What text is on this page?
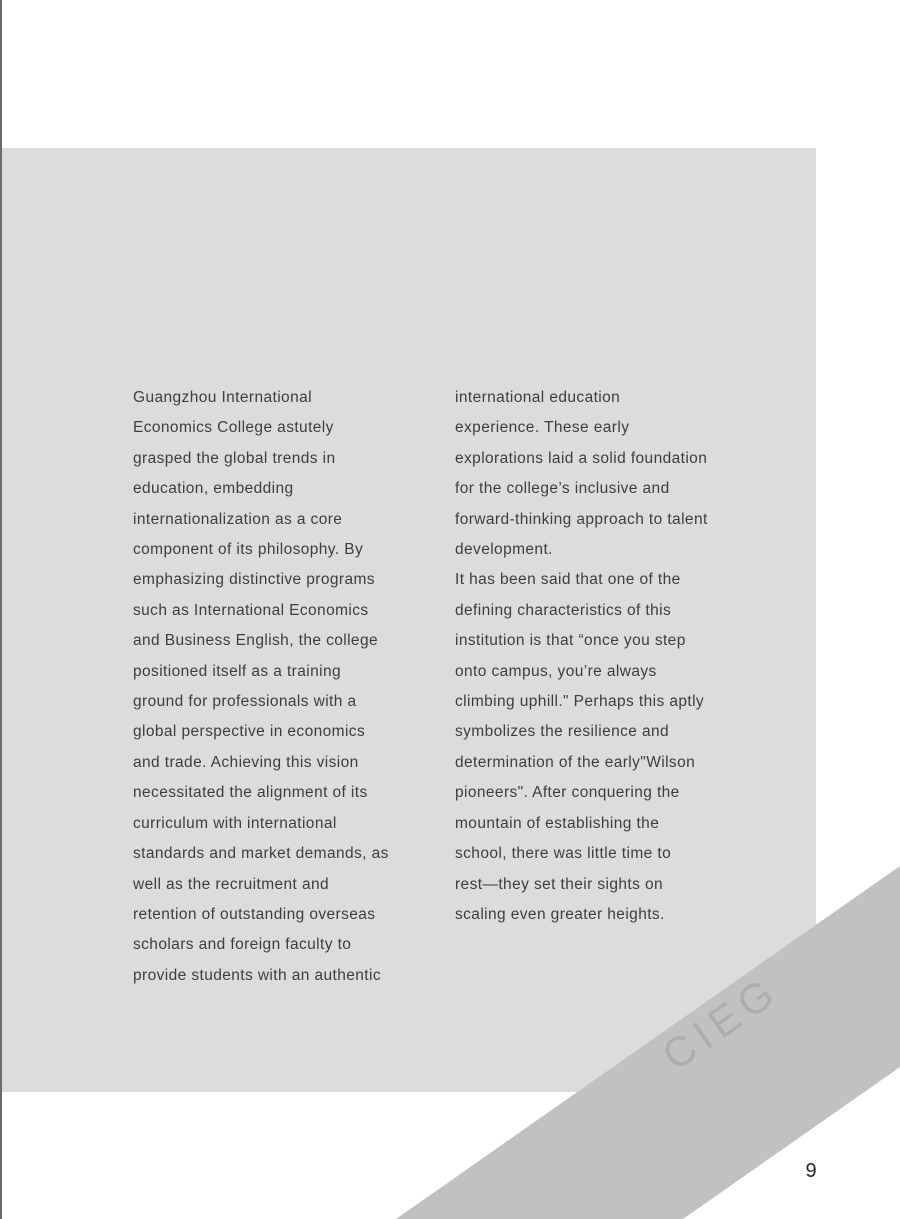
Guangzhou International
Economics College astutely
grasped the global trends in
education, embedding
internationalization as a core
component of its philosophy. By
emphasizing distinctive programs
such as International Economics
and Business English, the college
positioned itself as a training
ground for professionals with a
global perspective in economics
and trade. Achieving this vision
necessitated the alignment of its
curriculum with international
standards and market demands, as
well as the recruitment and
retention of outstanding overseas
scholars and foreign faculty to
provide students with an authentic
international education
experience. These early
explorations laid a solid foundation
for the college’s inclusive and
forward-thinking approach to talent
development.
It has been said that one of the
defining characteristics of this
institution is that “once you step
onto campus, you’re always
climbing uphill." Perhaps this aptly
symbolizes the resilience and
determination of the early"Wilson
pioneers". After conquering the
mountain of establishing the
school, there was little time to
rest—they set their sights on
scaling even greater heights.
CIEG
9
